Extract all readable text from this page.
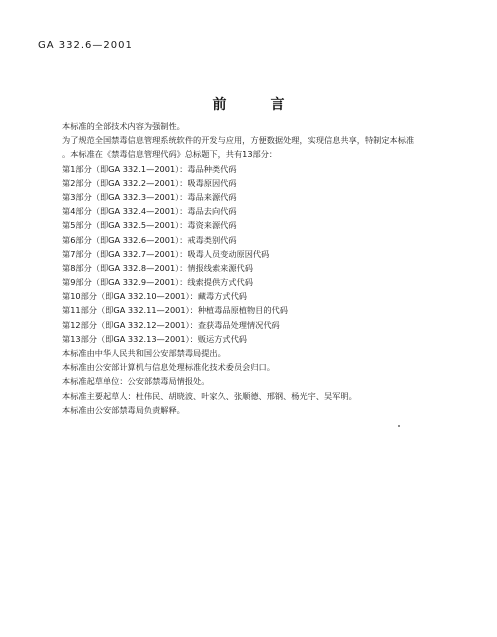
GA 332.6—2001
前	言
本标准的全部技术内容为强制性。
为了规范全国禁毒信息管理系统软件的开发与应用，方便数据处理，实现信息共享，特制定本标准
。本标准在《禁毒信息管理代码》总标题下，共有13部分：
第1部分（即GA 332.1—2001）：毒品种类代码
第2部分（即GA 332.2—2001）：吸毒原因代码
第3部分（即GA 332.3—2001）：毒品来源代码
第4部分（即GA 332.4—2001）：毒品去向代码
第5部分（即GA 332.5—2001）：毒资来源代码
第6部分（即GA 332.6—2001）：戒毒类别代码
第7部分（即GA 332.7—2001）：吸毒人员变动原因代码
第8部分（即GA 332.8—2001）：情报线索来源代码
第9部分（即GA 332.9—2001）：线索提供方式代码
第10部分（即GA 332.10—2001）：藏毒方式代码
第11部分（即GA 332.11—2001）：种植毒品原植物目的代码
第12部分（即GA 332.12—2001）：查获毒品处理情况代码
第13部分（即GA 332.13—2001）：贩运方式代码
本标准由中华人民共和国公安部禁毒局提出。
本标准由公安部计算机与信息处理标准化技术委员会归口。
本标准起草单位：公安部禁毒局情报处。
本标准主要起草人：杜伟民、胡晓波、叶家久、张顺德、邢钢、杨光宇、吴军明。
本标准由公安部禁毒局负责解释。
